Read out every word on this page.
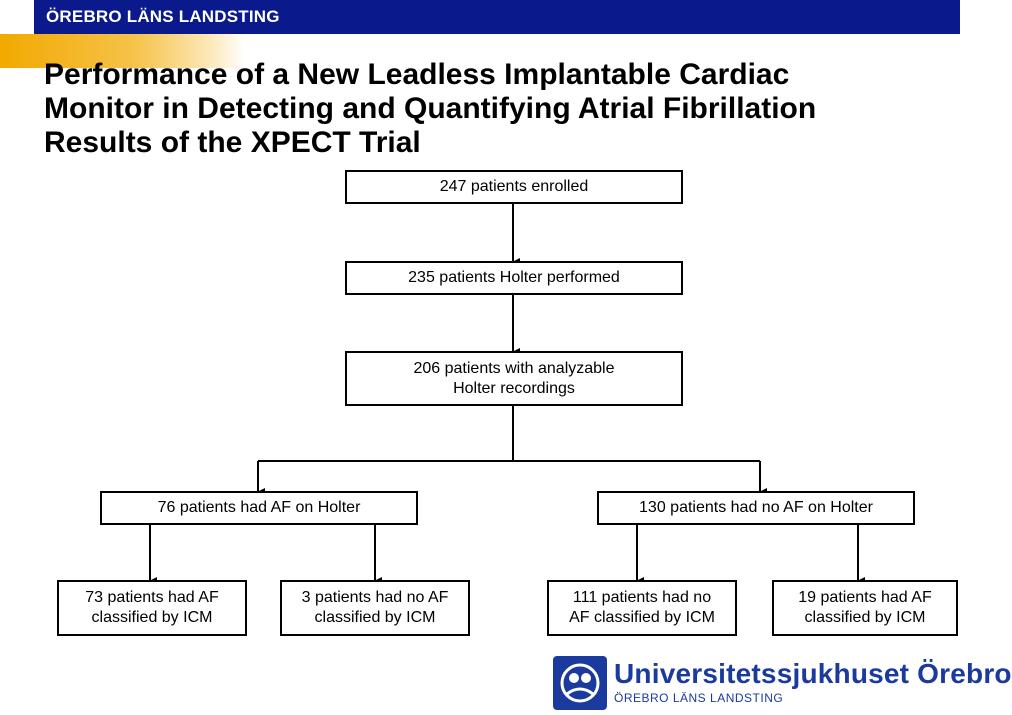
ÖREBRO LÄNS LANDSTING
Performance of a New Leadless Implantable Cardiac
Monitor in Detecting and Quantifying Atrial Fibrillation
Results of the XPECT Trial
247 patients enrolled
235 patients Holter performed
206 patients with analyzable
Holter recordings
76 patients had AF on Holter	130 patients had no AF on Holter
73 patients had AF
classified by ICM
3 patients had no AF
classified by ICM
111 patients had no
AF classified by ICM
19 patients had AF
classified by ICM
Universitetssjukhuset Örebro
ÖREBRO LÄNS LANDSTING
